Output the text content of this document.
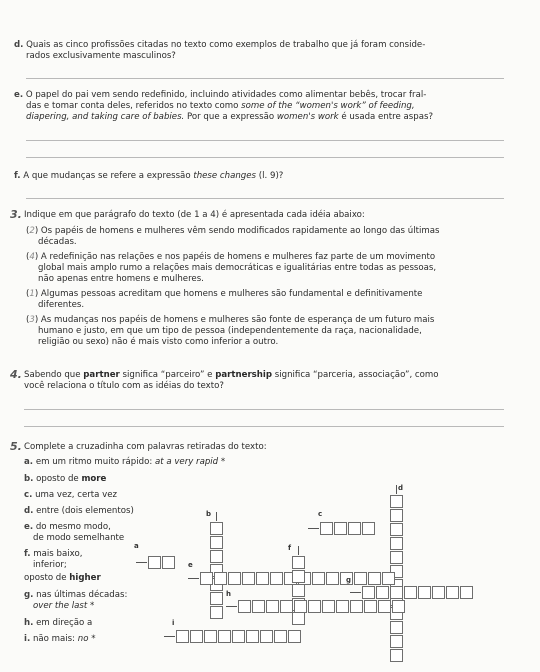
d. Quais as cinco profissões citadas no texto como exemplos de trabalho que já foram conside-

rados exclusivamente masculinos?

e. O papel do pai vem sendo redefinido, incluindo atividades como alimentar bebês, trocar fral-

das e tomar conta deles, referidos no texto como some of the “women's work” of feeding,

diapering, and taking care of babies. Por que a expressão women's work é usada entre aspas?

f. A que mudanças se refere a expressão these changes (l. 9)?

3. Indique em que parágrafo do texto (de 1 a 4) é apresentada cada idéia abaixo:

(2) Os papéis de homens e mulheres vêm sendo modificados rapidamente ao longo das últimas

décadas.

(4) A redefinição nas relações e nos papéis de homens e mulheres faz parte de um movimento

global mais amplo rumo a relações mais democráticas e igualitárias entre todas as pessoas,

não apenas entre homens e mulheres.

(1) Algumas pessoas acreditam que homens e mulheres são fundamental e definitivamente

diferentes.

(3) As mudanças nos papéis de homens e mulheres são fonte de esperança de um futuro mais

humano e justo, em que um tipo de pessoa (independentemente da raça, nacionalidade,

religião ou sexo) não é mais visto como inferior a outro.

4. Sabendo que partner significa “parceiro” e partnership significa “parceria, associação”, como

você relaciona o título com as idéias do texto?

5. Complete a cruzadinha com palavras retiradas do texto:

a. em um ritmo muito rápido: at a very rapid *
b. oposto de more
c. uma vez, certa vez
d. entre (dois elementos)
e. do mesmo modo,
de modo semelhante
f. mais baixo,
inferior;
oposto de higher
g. nas últimas décadas:
over the last *
h. em direção a
i. não mais: no *
a
b	c
d
e
f
g
h
i
